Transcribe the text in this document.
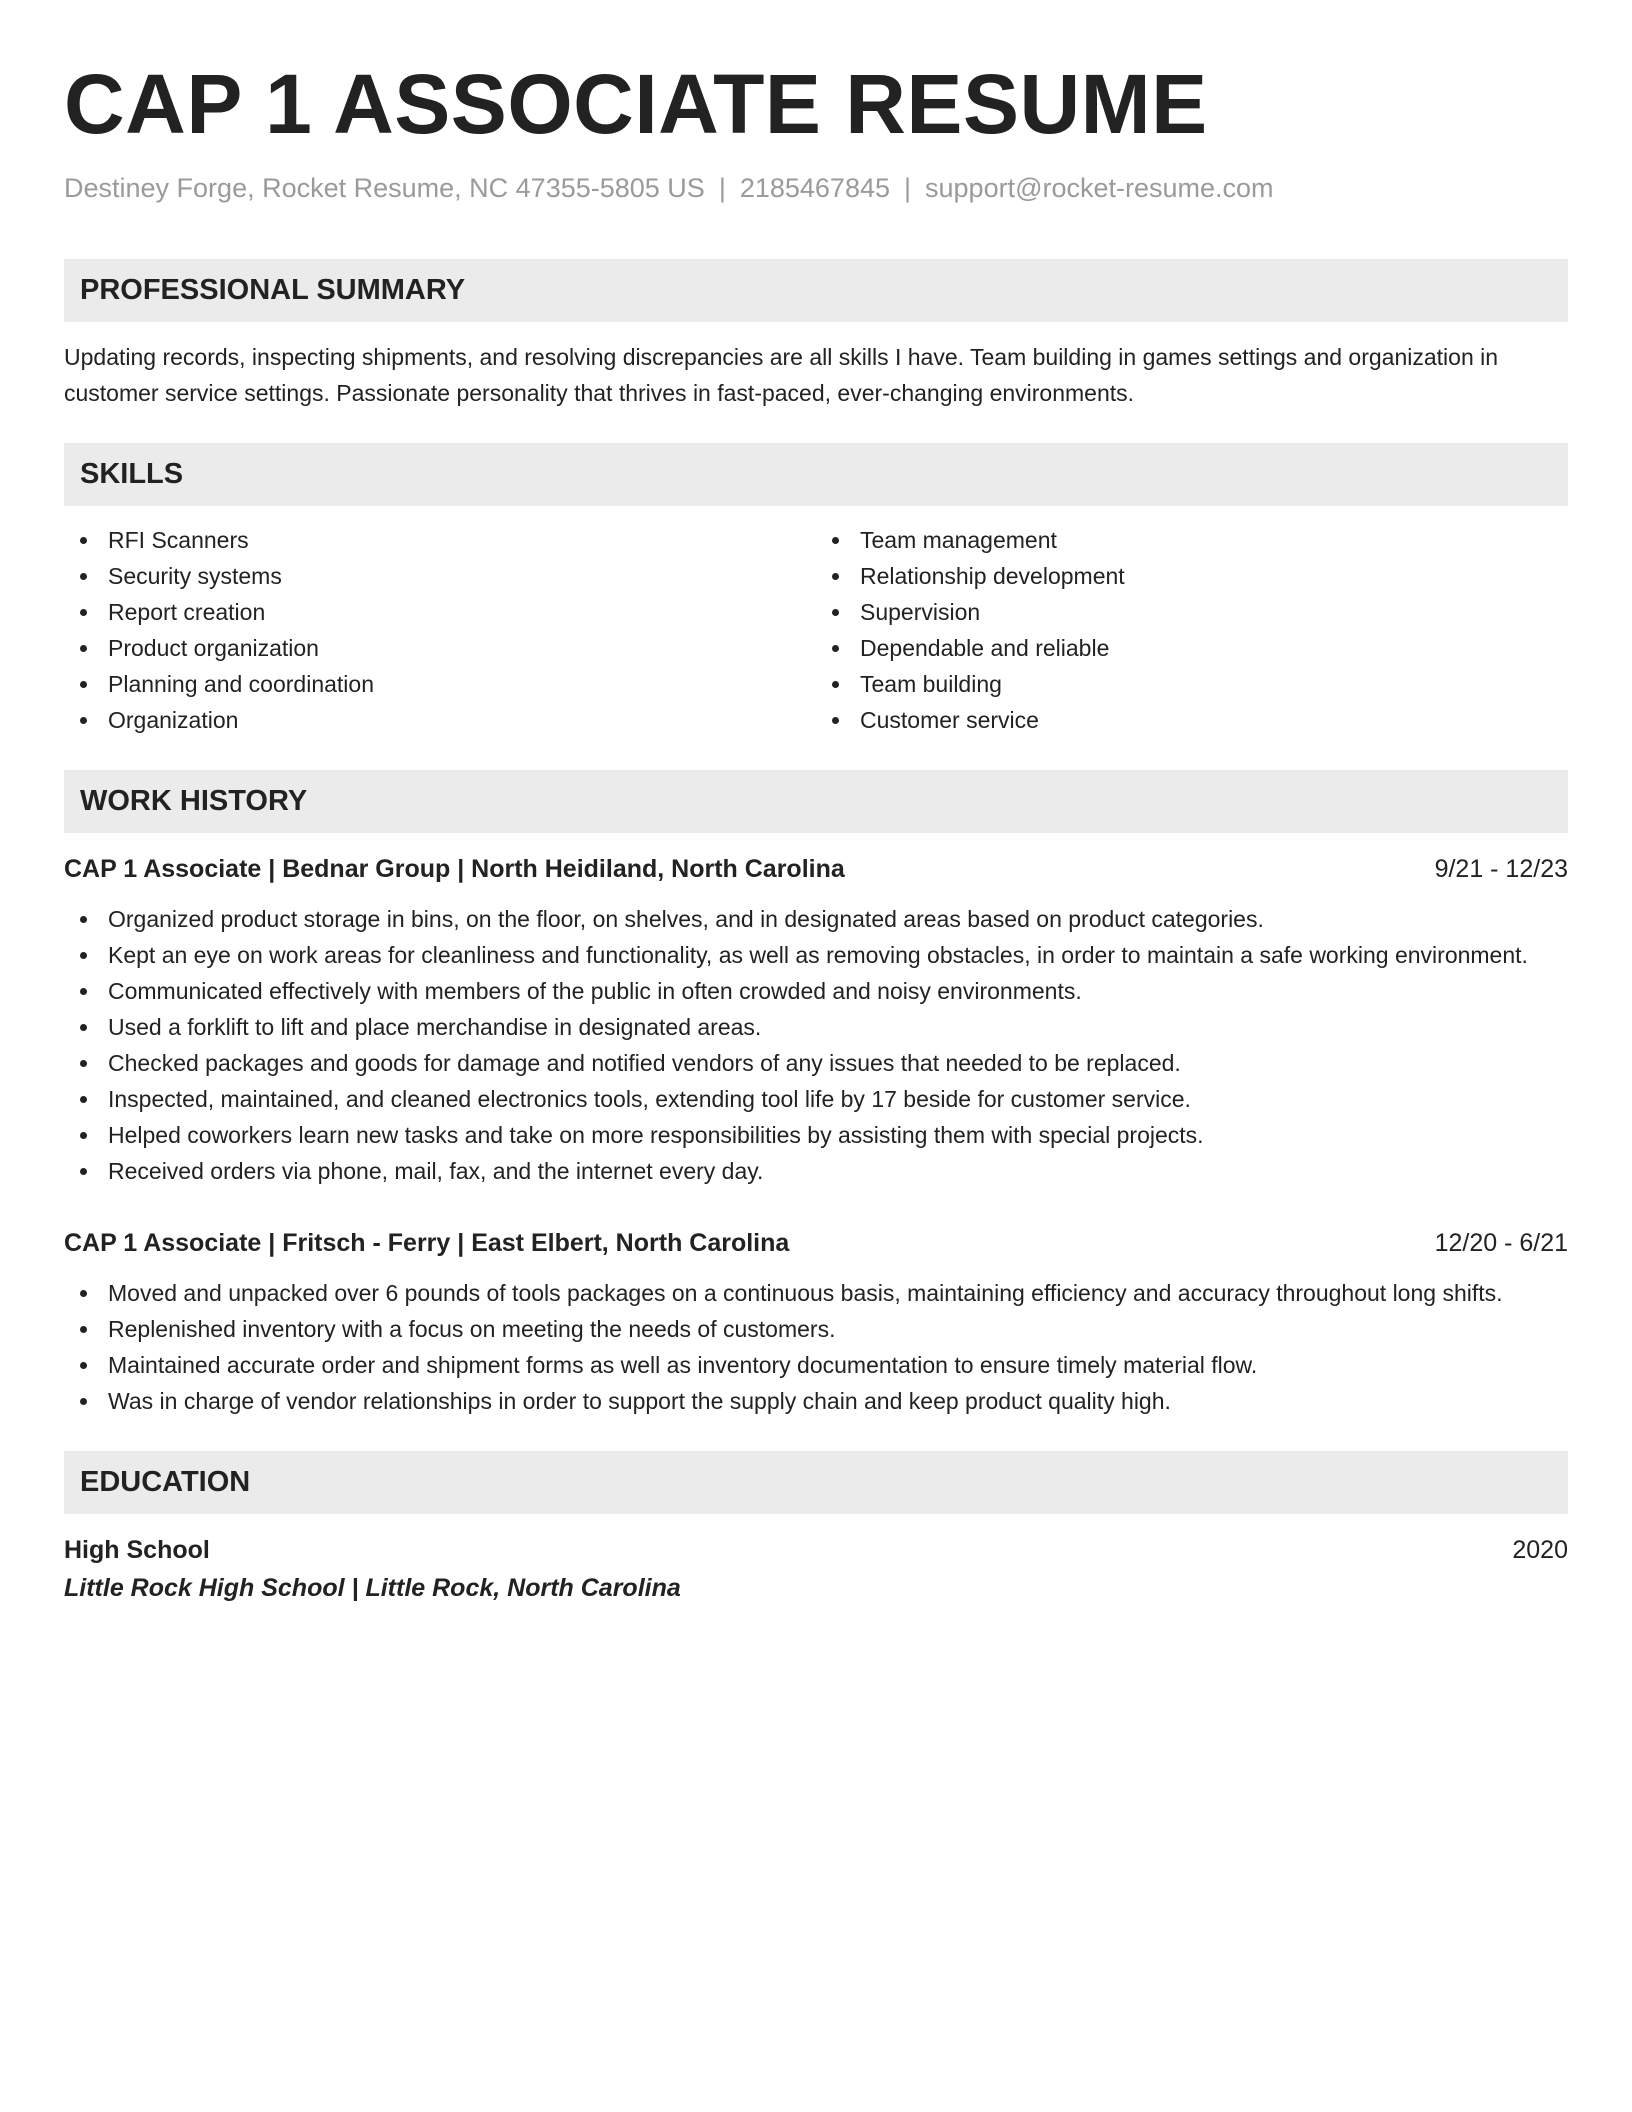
CAP 1 ASSOCIATE RESUME
Destiney Forge, Rocket Resume, NC 47355-5805 US | 2185467845 | support@rocket-resume.com
PROFESSIONAL SUMMARY
Updating records, inspecting shipments, and resolving discrepancies are all skills I have. Team building in games settings and organization in customer service settings. Passionate personality that thrives in fast-paced, ever-changing environments.
SKILLS
RFI Scanners
Security systems
Report creation
Product organization
Planning and coordination
Organization
Team management
Relationship development
Supervision
Dependable and reliable
Team building
Customer service
WORK HISTORY
CAP 1 Associate | Bednar Group | North Heidiland, North Carolina	9/21 - 12/23
Organized product storage in bins, on the floor, on shelves, and in designated areas based on product categories.
Kept an eye on work areas for cleanliness and functionality, as well as removing obstacles, in order to maintain a safe working environment.
Communicated effectively with members of the public in often crowded and noisy environments.
Used a forklift to lift and place merchandise in designated areas.
Checked packages and goods for damage and notified vendors of any issues that needed to be replaced.
Inspected, maintained, and cleaned electronics tools, extending tool life by 17 beside for customer service.
Helped coworkers learn new tasks and take on more responsibilities by assisting them with special projects.
Received orders via phone, mail, fax, and the internet every day.
CAP 1 Associate | Fritsch - Ferry | East Elbert, North Carolina	12/20 - 6/21
Moved and unpacked over 6 pounds of tools packages on a continuous basis, maintaining efficiency and accuracy throughout long shifts.
Replenished inventory with a focus on meeting the needs of customers.
Maintained accurate order and shipment forms as well as inventory documentation to ensure timely material flow.
Was in charge of vendor relationships in order to support the supply chain and keep product quality high.
EDUCATION
High School	2020
Little Rock High School | Little Rock, North Carolina
